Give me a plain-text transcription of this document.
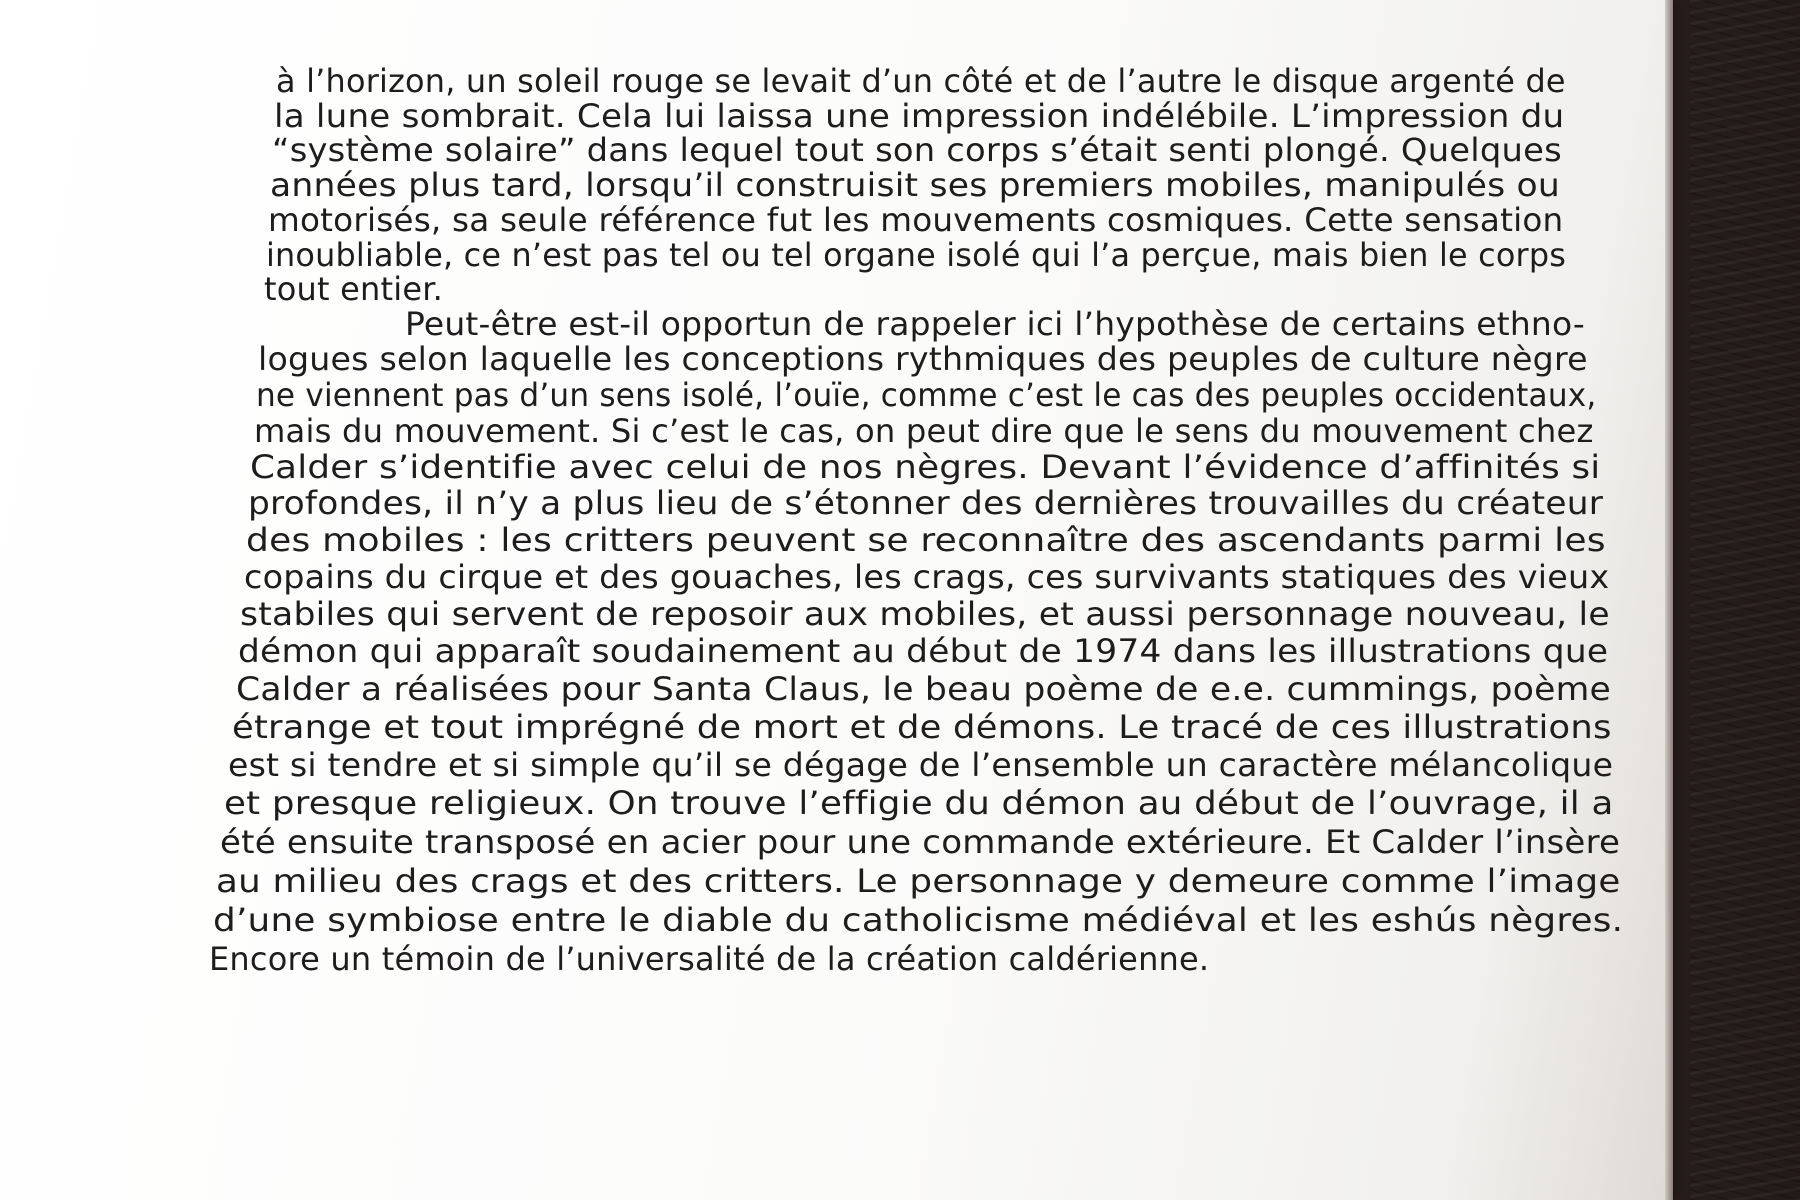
à l’horizon, un soleil rouge se levait d’un côté et de l’autre le disque argenté de
la lune sombrait. Cela lui laissa une impression indélébile. L’impression du
“système solaire” dans lequel tout son corps s’était senti plongé. Quelques
années plus tard, lorsqu’il construisit ses premiers mobiles, manipulés ou
motorisés, sa seule référence fut les mouvements cosmiques. Cette sensation
inoubliable, ce n’est pas tel ou tel organe isolé qui l’a perçue, mais bien le corps
tout entier.
Peut-être est-il opportun de rappeler ici l’hypothèse de certains ethno-
logues selon laquelle les conceptions rythmiques des peuples de culture nègre
ne viennent pas d’un sens isolé, l’ouïe, comme c’est le cas des peuples occidentaux,
mais du mouvement. Si c’est le cas, on peut dire que le sens du mouvement chez
Calder s’identifie avec celui de nos nègres. Devant l’évidence d’affinités si
profondes, il n’y a plus lieu de s’étonner des dernières trouvailles du créateur
des mobiles : les critters peuvent se reconnaître des ascendants parmi les
copains du cirque et des gouaches, les crags, ces survivants statiques des vieux
stabiles qui servent de reposoir aux mobiles, et aussi personnage nouveau, le
démon qui apparaît soudainement au début de 1974 dans les illustrations que
Calder a réalisées pour Santa Claus, le beau poème de e.e. cummings, poème
étrange et tout imprégné de mort et de démons. Le tracé de ces illustrations
est si tendre et si simple qu’il se dégage de l’ensemble un caractère mélancolique
et presque religieux. On trouve l’effigie du démon au début de l’ouvrage, il a
été ensuite transposé en acier pour une commande extérieure. Et Calder l’insère
au milieu des crags et des critters. Le personnage y demeure comme l’image
d’une symbiose entre le diable du catholicisme médiéval et les eshús nègres.
Encore un témoin de l’universalité de la création caldérienne.
